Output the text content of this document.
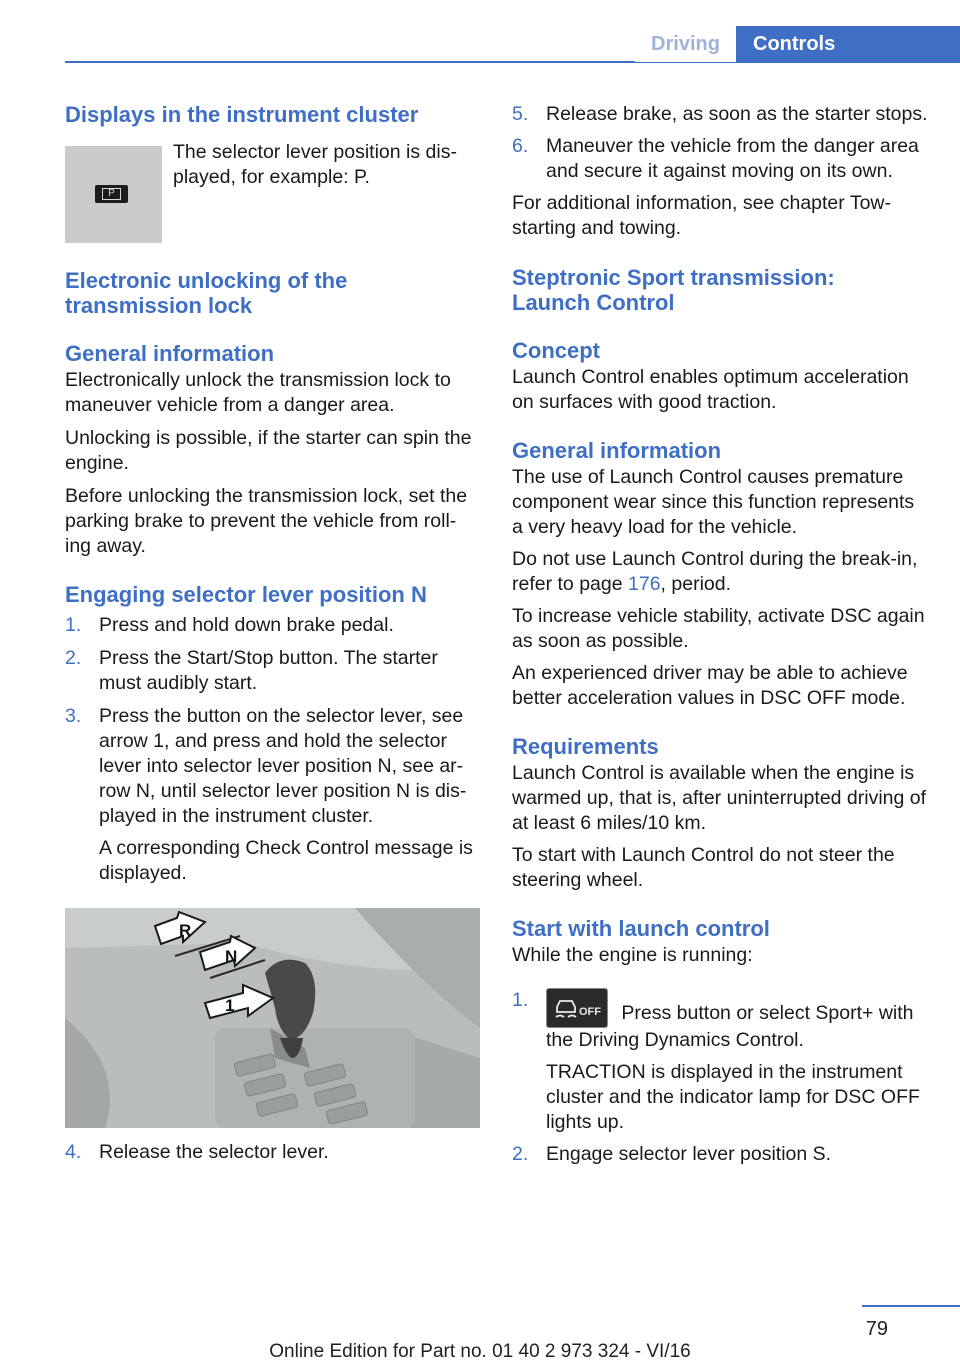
Driving	Controls
Displays in the instrument cluster
P

The selector lever position is dis‐ played, for example: P.

Electronic unlocking of the transmission lock
General information

Electronically unlock the transmission lock to maneuver vehicle from a danger area.

Unlocking is possible, if the starter can spin the engine.

Before unlocking the transmission lock, set the parking brake to prevent the vehicle from roll‐ ing away.

Engaging selector lever position N
1. Press and hold down brake pedal.
2. Press the Start/Stop button. The starter must audibly start.
3. Press the button on the selector lever, see arrow 1, and press and hold the selector lever into selector lever position N, see ar‐ row N, until selector lever position N is dis‐ played in the instrument cluster.
A corresponding Check Control message is displayed.
R
N
1
4. Release the selector lever.
5. Release brake, as soon as the starter stops.
6. Maneuver the vehicle from the danger area and secure it against moving on its own.

For additional information, see chapter Tow‐ starting and towing.

Steptronic Sport transmission: Launch Control
Concept

Launch Control enables optimum acceleration on surfaces with good traction.

General information

The use of Launch Control causes premature component wear since this function represents a very heavy load for the vehicle.

Do not use Launch Control during the break-in, refer to page 176, period.

To increase vehicle stability, activate DSC again as soon as possible.

An experienced driver may be able to achieve better acceleration values in DSC OFF mode.

Requirements

Launch Control is available when the engine is warmed up, that is, after uninterrupted driving of at least 6 miles/10 km.

To start with Launch Control do not steer the steering wheel.

Start with launch control

While the engine is running:

1.
OFF Press button or select Sport+ with the Driving Dynamics Control.
TRACTION is displayed in the instrument cluster and the indicator lamp for DSC OFF lights up.
2. Engage selector lever position S.
79
Online Edition for Part no. 01 40 2 973 324 - VI/16
